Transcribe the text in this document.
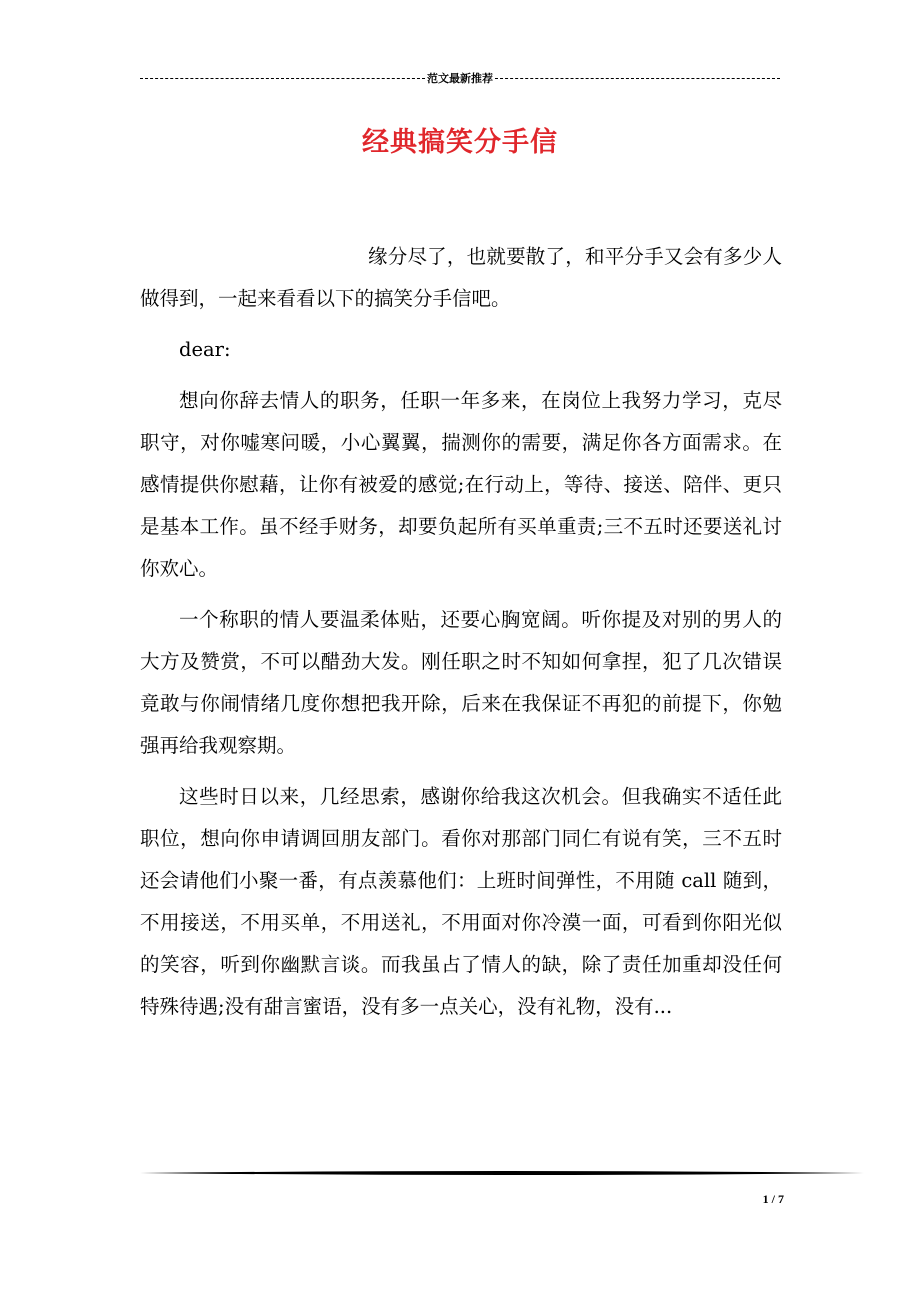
范文最新推荐
经典搞笑分手信

缘分尽了，也就要散了，和平分手又会有多少人做得到，一起来看看以下的搞笑分手信吧。

dear:

想向你辞去情人的职务，任职一年多来，在岗位上我努力学习，克尽职守，对你嘘寒问暖，小心翼翼，揣测你的需要，满足你各方面需求。在感情提供你慰藉，让你有被爱的感觉;在行动上，等待、接送、陪伴、更只是基本工作。虽不经手财务，却要负起所有买单重责;三不五时还要送礼讨你欢心。

一个称职的情人要温柔体贴，还要心胸宽阔。听你提及对别的男人的大方及赞赏，不可以醋劲大发。刚任职之时不知如何拿捏，犯了几次错误竟敢与你闹情绪几度你想把我开除，后来在我保证不再犯的前提下，你勉强再给我观察期。

这些时日以来，几经思索，感谢你给我这次机会。但我确实不适任此职位，想向你申请调回朋友部门。看你对那部门同仁有说有笑，三不五时还会请他们小聚一番，有点羡慕他们：上班时间弹性，不用随 call 随到，不用接送，不用买单，不用送礼，不用面对你冷漠一面，可看到你阳光似的笑容，听到你幽默言谈。而我虽占了情人的缺，除了责任加重却没任何特殊待遇;没有甜言蜜语，没有多一点关心，没有礼物，没有...

1 / 7
